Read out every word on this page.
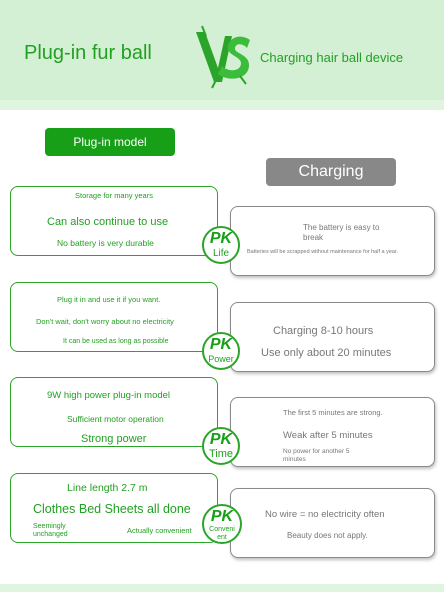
Plug-in fur ball	Charging hair ball device
Plug-in model
Charging
Storage for many years
Can also continue to use
No battery is very durable
The battery is easy to break
Batteries will be scrapped without maintenance for half a year.
PK
Life
Plug it in and use it if you want.
Don't wait, don't worry about no electricity
It can be used as long as possible
Charging 8-10 hours
Use only about 20 minutes
PK
Power
9W high power plug-in model
Sufficient motor operation
Strong power
The first 5 minutes are strong.
Weak after 5 minutes
No power for another 5 minutes
PK
Time
Line length 2.7 m
Clothes Bed Sheets all done
Seemingly unchanged	Actually convenient
No wire = no electricity often
Beauty does not apply.
PK
Conveni ent
